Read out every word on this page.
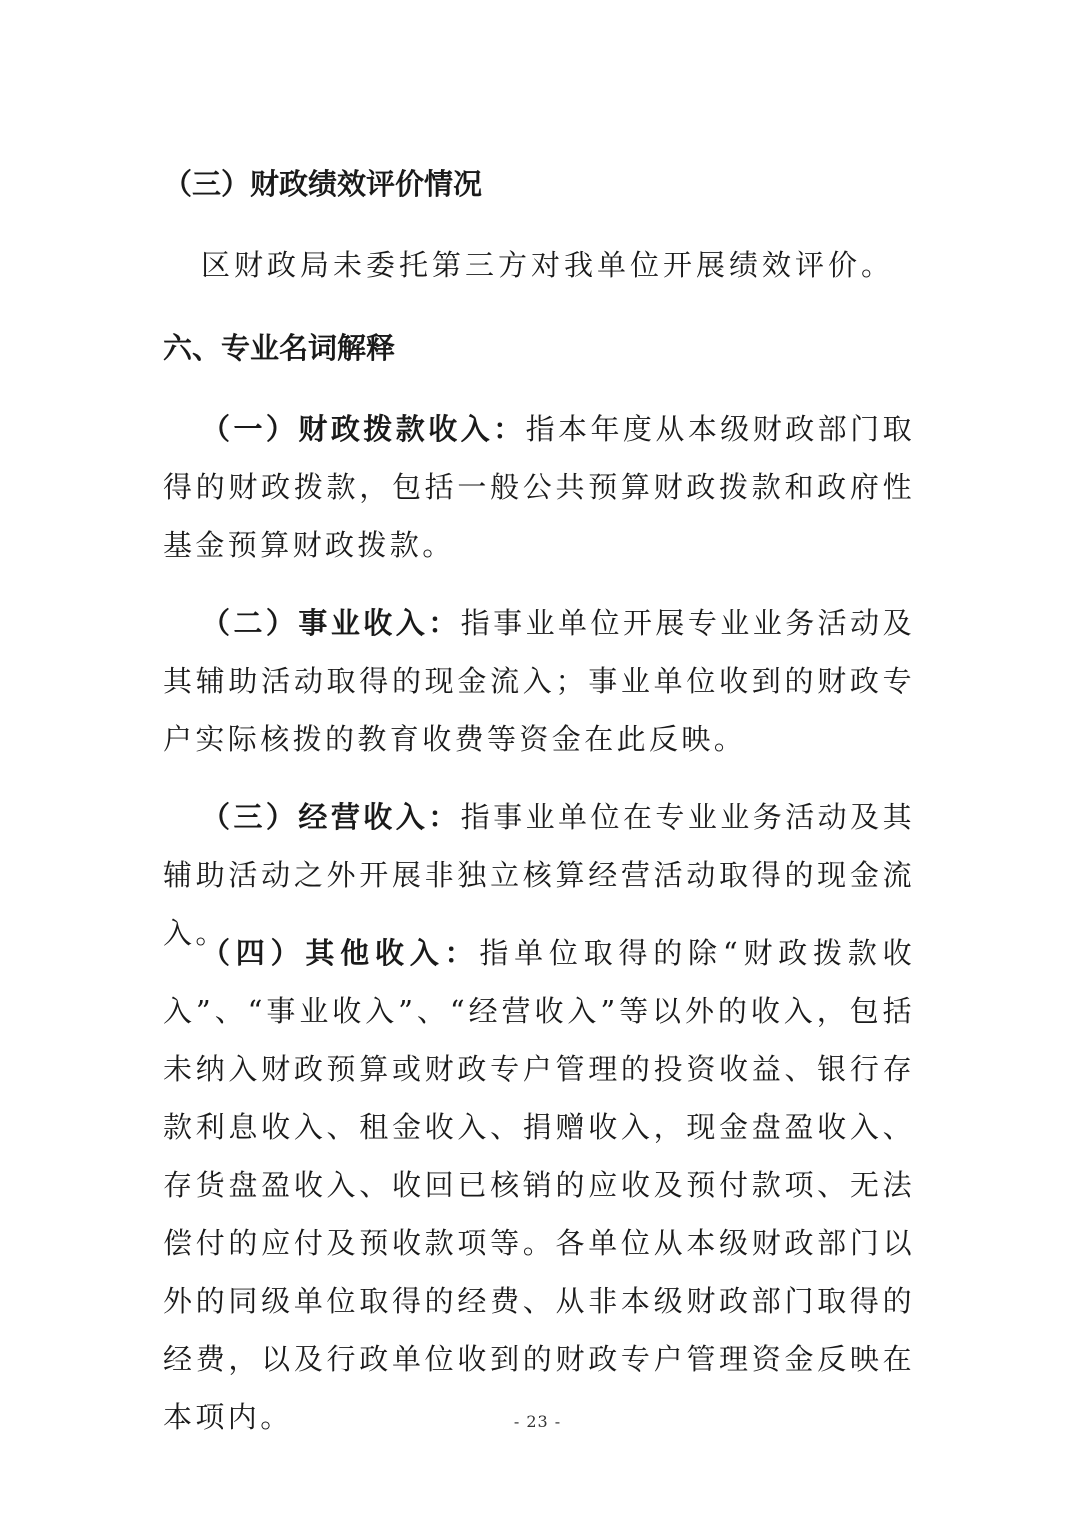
（三）财政绩效评价情况

区财政局未委托第三方对我单位开展绩效评价。

六、专业名词解释

（一）财政拨款收入：指本年度从本级财政部门取得的财政拨款，包括一般公共预算财政拨款和政府性基金预算财政拨款。

（二）事业收入：指事业单位开展专业业务活动及其辅助活动取得的现金流入；事业单位收到的财政专户实际核拨的教育收费等资金在此反映。

（三）经营收入：指事业单位在专业业务活动及其辅助活动之外开展非独立核算经营活动取得的现金流入。

（四）其他收入：指单位取得的除“财政拨款收入”、“事业收入”、“经营收入”等以外的收入，包括未纳入财政预算或财政专户管理的投资收益、银行存款利息收入、租金收入、捐赠收入，现金盘盈收入、存货盘盈收入、收回已核销的应收及预付款项、无法偿付的应付及预收款项等。各单位从本级财政部门以外的同级单位取得的经费、从非本级财政部门取得的经费，以及行政单位收到的财政专户管理资金反映在本项内。	- 23 -
